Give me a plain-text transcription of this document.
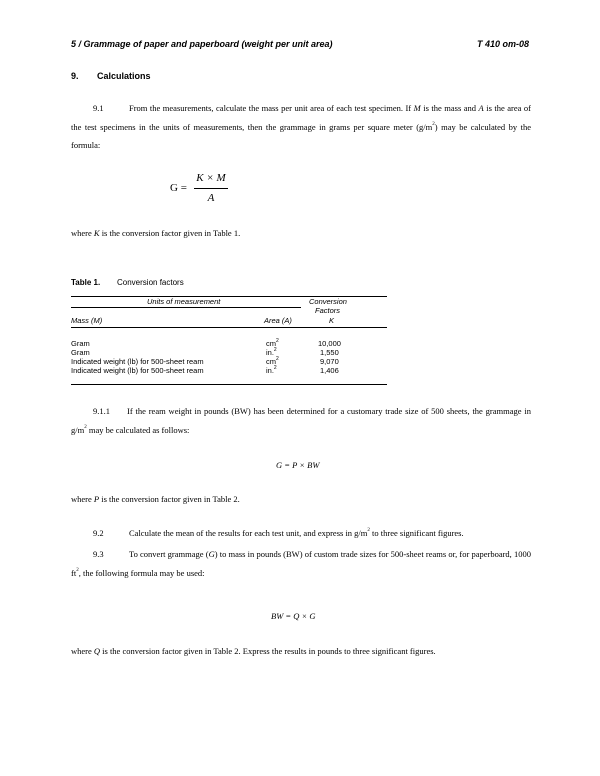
5 / Grammage of paper and paperboard (weight per unit area)	T 410 om-08
9. Calculations
9.1	From the measurements, calculate the mass per unit area of each test specimen. If M is the mass and A is the area of the test specimens in the units of measurements, then the grammage in grams per square meter $(g/m^2)$ may be calculated by the formula:
G =
K × M
A
where K is the conversion factor given in Table 1.
Table 1. Conversion factors
Units of measurement	Conversion
Factors
Mass (M)	Area (A)	K
Gram	$cm^2$	10,000
Gram	in.$^2$	1,550
Indicated weight (lb) for 500-sheet ream	$cm^2$	9,070
Indicated weight (lb) for 500-sheet ream	in.$^2$	1,406
9.1.1 If the ream weight in pounds (BW) has been determined for a customary trade size of 500 sheets, the grammage in $g/m^2$ may be calculated as follows:
G = P × BW
where P is the conversion factor given in Table 2.
9.2	Calculate the mean of the results for each test unit, and express in $g/m^2$ to three significant figures.
9.3	To convert grammage (G) to mass in pounds (BW) of custom trade sizes for 500-sheet reams or, for paperboard, 1000 $ft^2$, the following formula may be used:
BW = Q × G
where Q is the conversion factor given in Table 2. Express the results in pounds to three significant figures.
